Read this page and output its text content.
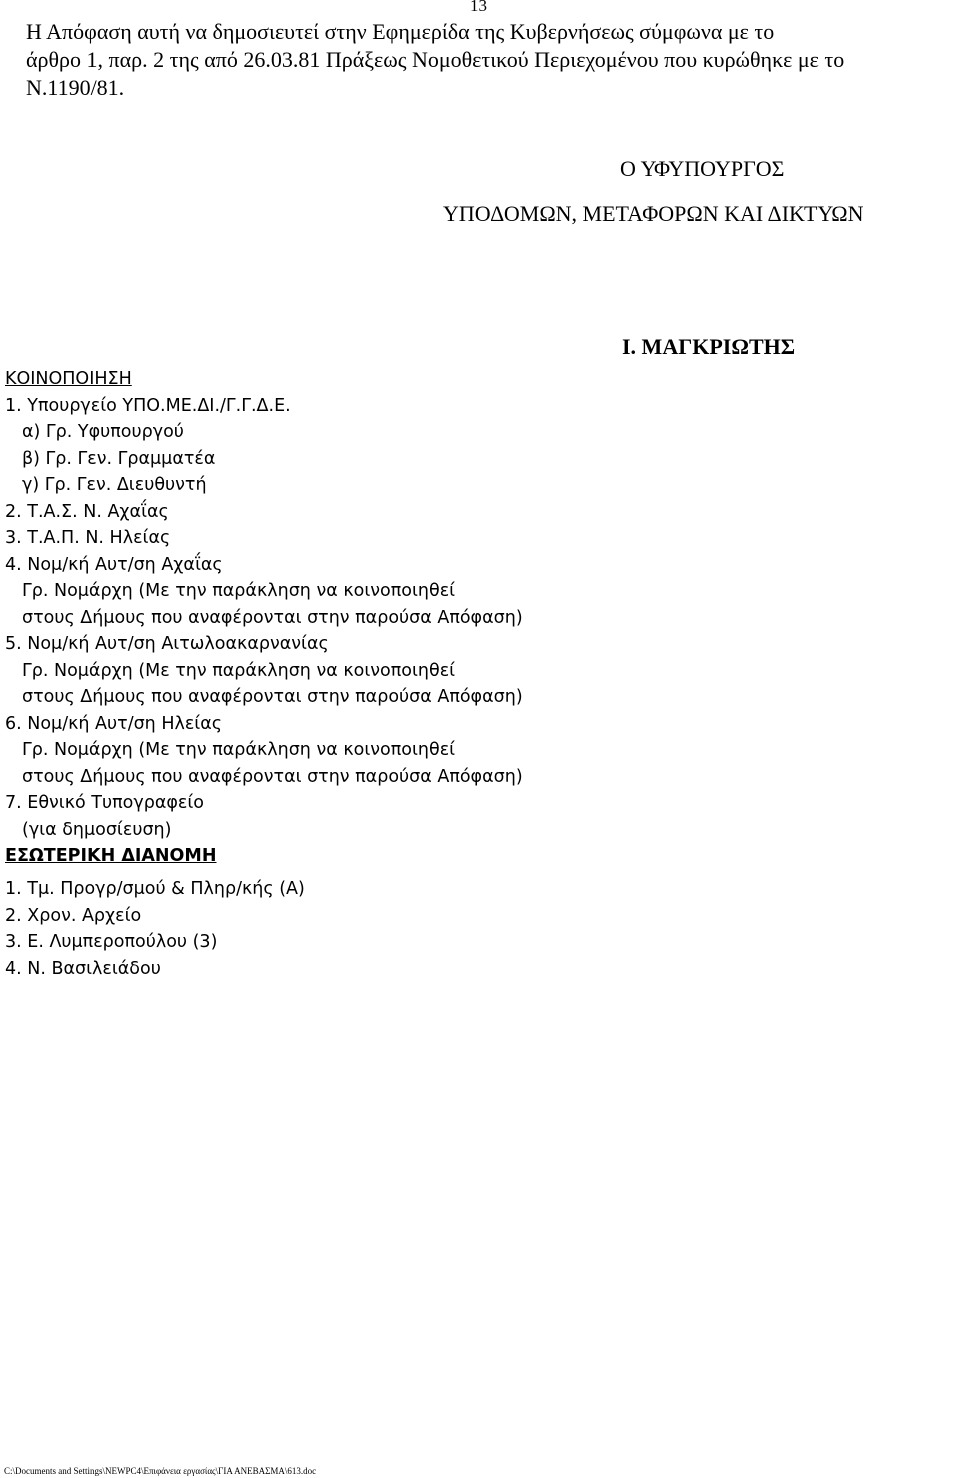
13
Η Απόφαση αυτή να δημοσιευτεί στην Εφημερίδα της Κυβερνήσεως σύμφωνα με το
άρθρο 1, παρ. 2 της από 26.03.81 Πράξεως Νομοθετικού Περιεχομένου που κυρώθηκε με το
Ν.1190/81.
Ο ΥΦΥΠΟΥΡΓΟΣ
ΥΠΟΔΟΜΩΝ, ΜΕΤΑΦΟΡΩΝ ΚΑΙ ΔΙΚΤΥΩΝ
Ι. ΜΑΓΚΡΙΩΤΗΣ
ΚΟΙΝΟΠΟΙΗΣΗ
1. Υπουργείο ΥΠΟ.ΜΕ.ΔΙ./Γ.Γ.Δ.Ε.
α) Γρ. Υφυπουργού
β) Γρ. Γεν. Γραμματέα
γ) Γρ. Γεν. Διευθυντή
2. Τ.Α.Σ. Ν. Αχαΐας
3. Τ.Α.Π. Ν. Ηλείας
4. Νομ/κή Αυτ/ση Αχαΐας
Γρ. Νομάρχη (Με την παράκληση να κοινοποιηθεί
στους Δήμους που αναφέρονται στην παρούσα Απόφαση)
5. Νομ/κή Αυτ/ση Αιτωλοακαρνανίας
Γρ. Νομάρχη (Με την παράκληση να κοινοποιηθεί
στους Δήμους που αναφέρονται στην παρούσα Απόφαση)
6. Νομ/κή Αυτ/ση Ηλείας
Γρ. Νομάρχη (Με την παράκληση να κοινοποιηθεί
στους Δήμους που αναφέρονται στην παρούσα Απόφαση)
7. Εθνικό Τυπογραφείο
(για δημοσίευση)
ΕΣΩΤΕΡΙΚΗ ΔΙΑΝΟΜΗ
1. Τμ. Προγρ/σμού & Πληρ/κής (Α)
2. Χρον. Αρχείο
3. Ε. Λυμπεροπούλου (3)
4. Ν. Βασιλειάδου
C:\Documents and Settings\NEWPC4\Επιφάνεια εργασίας\ΓΙΑ ΑΝΕΒΑΣΜΑ\613.doc
